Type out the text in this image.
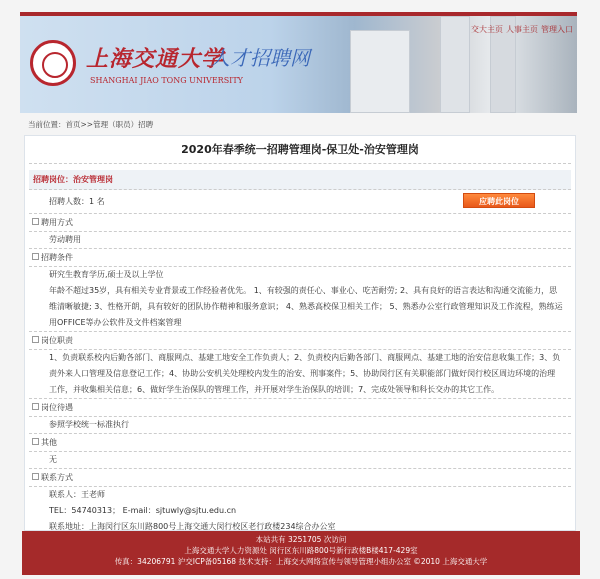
上海交通大学
人才招聘网
SHANGHAI JIAO TONG UNIVERSITY
交大主页 人事主页 管理入口
当前位置：首页>>管理（职员）招聘
2020年春季统一招聘管理岗-保卫处-治安管理岗
招聘岗位：治安管理岗
招聘人数：1 名	应聘此岗位
聘用方式
劳动聘用
招聘条件
研究生教育学历,硕士及以上学位
年龄不超过35岁，具有相关专业背景或工作经验者优先。 1、有较强的责任心、事业心、吃苦耐劳; 2、具有良好的语言表达和沟通交流能力，思维清晰敏捷; 3、性格开朗，具有较好的团队协作精神和服务意识； 4、熟悉高校保卫相关工作； 5、熟悉办公室行政管理知识及工作流程，熟练运用OFFICE等办公软件及文件档案管理
岗位职责
1、负责联系校内后勤各部门、商服网点、基建工地安全工作负责人；2、负责校内后勤各部门、商服网点、基建工地的治安信息收集工作；3、负责外来人口管理及信息登记工作；4、协助公安机关处理校内发生的治安、刑事案件；5、协助闵行区有关职能部门做好闵行校区周边环境的治理工作，并收集相关信息；6、做好学生治保队的管理工作，并开展对学生治保队的培训；7、完成处领导和科长交办的其它工作。
岗位待遇
参照学校统一标准执行
其他
无
联系方式
联系人：王老师
TEL：54740313； E-mail：sjtuwly@sjtu.edu.cn
联系地址：上海闵行区东川路800号上海交通大闵行校区老行政楼234综合办公室
本站共有 3251705 次访问
上海交通大学人力资源处 闵行区东川路800号新行政楼B楼417-429室
传真：34206791 沪交ICP备05168 技术支持：上海交大网络宣传与领导管理小组办公室 ©2010 上海交通大学
